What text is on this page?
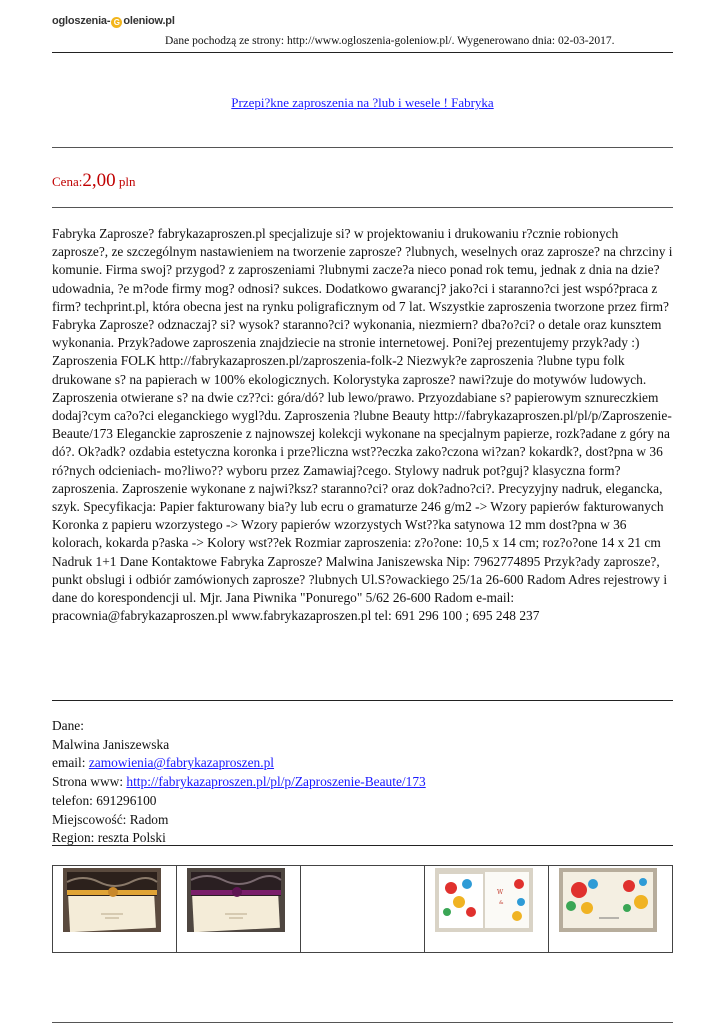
ogloszenia- G oleniow.pl
Dane pochodzą ze strony: http://www.ogloszenia-goleniow.pl/. Wygenerowano dnia: 02-03-2017.
Przepi?kne zaproszenia na ?lub i wesele ! Fabryka
Cena:2,00 pln
Fabryka Zaprosze? fabrykazaproszen.pl specjalizuje si? w projektowaniu i drukowaniu r?cznie robionych zaprosze?, ze szczególnym nastawieniem na tworzenie zaprosze? ?lubnych, weselnych oraz zaprosze? na chrzciny i komunie. Firma swoj? przygod? z zaproszeniami ?lubnymi zacze?a nieco ponad rok temu, jednak z dnia na dzie? udowadnia, ?e m?ode firmy mog? odnosi? sukces. Dodatkowo gwarancj? jako?ci i staranno?ci jest wspó?praca z firm? techprint.pl, która obecna jest na rynku poligraficznym od 7 lat. Wszystkie zaproszenia tworzone przez firm? Fabryka Zaprosze? odznaczaj? si? wysok? staranno?ci? wykonania, niezmiern? dba?o?ci? o detale oraz kunsztem wykonania. Przyk?adowe zaproszenia znajdziecie na stronie internetowej. Poni?ej prezentujemy przyk?ady :) Zaproszenia FOLK http://fabrykazaproszen.pl/zaproszenia-folk-2 Niezwyk?e zaproszenia ?lubne typu folk drukowane s? na papierach w 100% ekologicznych. Kolorystyka zaprosze? nawi?zuje do motywów ludowych. Zaproszenia otwierane s? na dwie cz??ci: góra/dó? lub lewo/prawo. Przyozdabiane s? papierowym sznureczkiem dodaj?cym ca?o?ci eleganckiego wygl?du. Zaproszenia ?lubne Beauty http://fabrykazaproszen.pl/pl/p/Zaproszenie-Beaute/173 Eleganckie zaproszenie z najnowszej kolekcji wykonane na specjalnym papierze, rozk?adane z góry na dó?. Ok?adk? ozdabia estetyczna koronka i prze?liczna wst??eczka zako?czona wi?zan? kokardk?, dost?pna w 36 ró?nych odcieniach- mo?liwo?? wyboru przez Zamawiaj?cego. Stylowy nadruk pot?guj? klasyczna form? zaproszenia. Zaproszenie wykonane z najwi?ksz? staranno?ci? oraz dok?adno?ci?. Precyzyjny nadruk, elegancka, szyk. Specyfikacja: Papier fakturowany bia?y lub ecru o gramaturze 246 g/m2 -> Wzory papierów fakturowanych Koronka z papieru wzorzystego -> Wzory papierów wzorzystych Wst??ka satynowa 12 mm dost?pna w 36 kolorach, kokarda p?aska -> Kolory wst??ek Rozmiar zaproszenia: z?o?one: 10,5 x 14 cm; roz?o?one 14 x 21 cm Nadruk 1+1 Dane Kontaktowe Fabryka Zaprosze? Malwina Janiszewska Nip: 7962774895 Przyk?ady zaprosze?, punkt obslugi i odbiór zamówionych zaprosze? ?lubnych Ul.S?owackiego 25/1a 26-600 Radom Adres rejestrowy i dane do korespondencji ul. Mjr. Jana Piwnika "Ponurego" 5/62 26-600 Radom e-mail: pracownia@fabrykazaproszen.pl www.fabrykazaproszen.pl tel: 691 296 100 ; 695 248 237
Dane:
Malwina Janiszewska
email: zamowienia@fabrykazaproszen.pl
Strona www: http://fabrykazaproszen.pl/pl/p/Zaproszenie-Beaute/173
telefon: 691296100
Miejscowość: Radom
Region: reszta Polski
W
&
